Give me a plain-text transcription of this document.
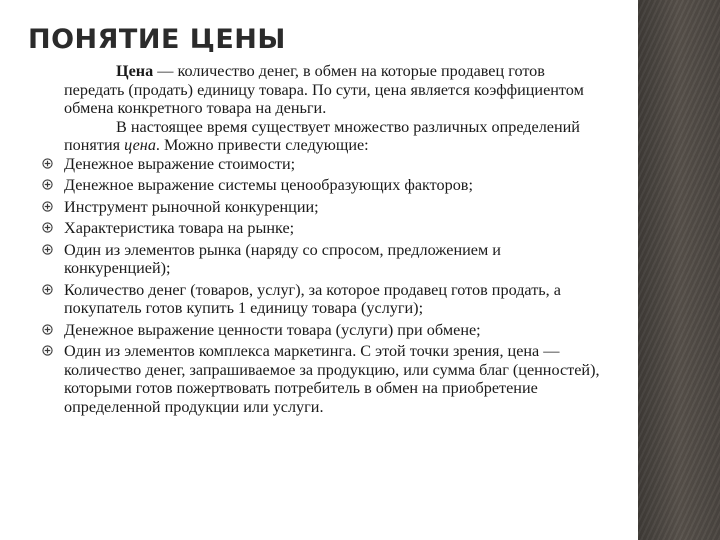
ПОНЯТИЕ ЦЕНЫ

Цена — количество денег, в обмен на которые продавец готов передать (продать) единицу товара. По сути, цена является коэффициентом обмена конкретного товара на деньги.

В настоящее время существует множество различных определений понятия цена. Можно привести следующие:

Денежное выражение стоимости;
Денежное выражение системы ценообразующих факторов;
Инструмент рыночной конкуренции;
Характеристика товара на рынке;
Один из элементов рынка (наряду со спросом, предложением и конкуренцией);
Количество денег (товаров, услуг), за которое продавец готов продать, а покупатель готов купить 1 единицу товара (услуги);
Денежное выражение ценности товара (услуги) при обмене;
Один из элементов комплекса маркетинга. С этой точки зрения, цена — количество денег, запрашиваемое за продукцию, или сумма благ (ценностей), которыми готов пожертвовать потребитель в обмен на приобретение определенной продукции или услуги.
